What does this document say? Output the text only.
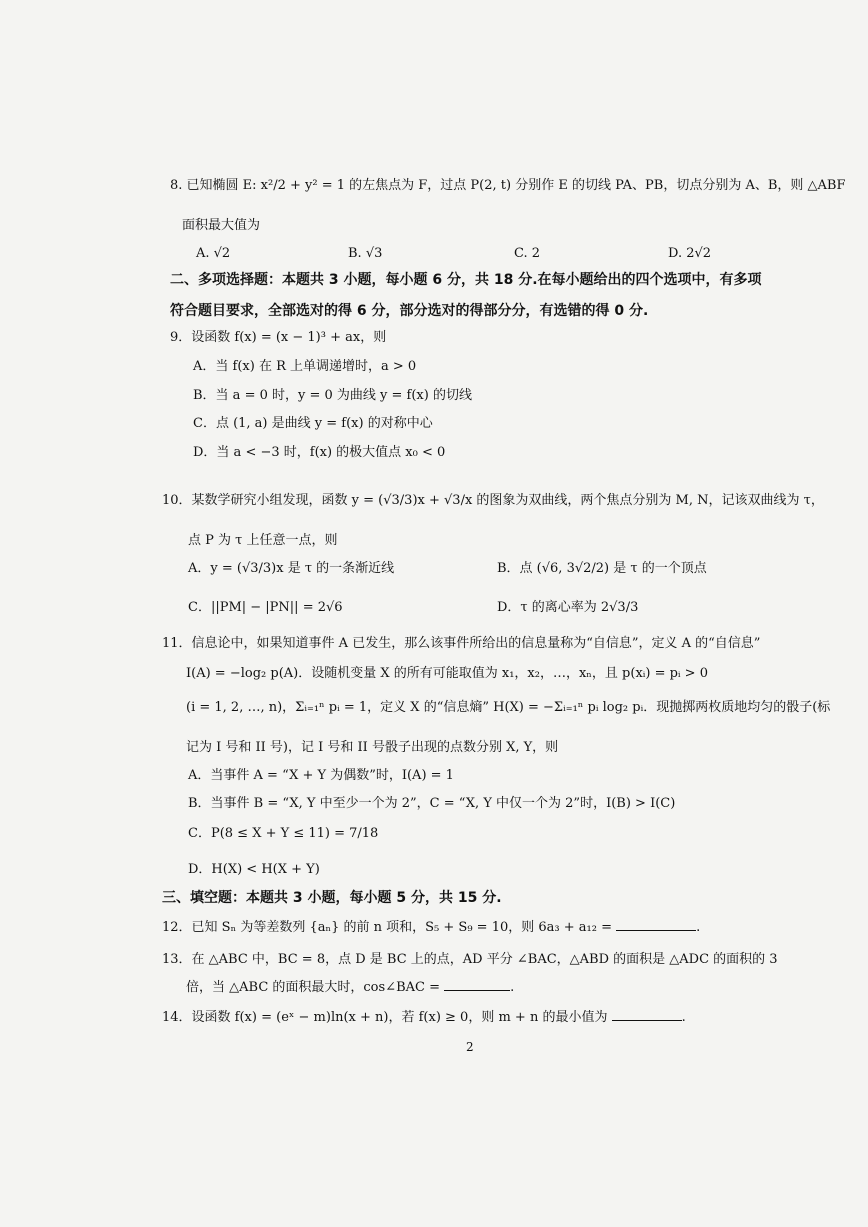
8. 已知椭圆 E: x²/2 + y² = 1 的左焦点为 F，过点 P(2, t) 分别作 E 的切线 PA、PB，切点分别为 A、B，则 △ABF
面积最大值为
A. √2	B. √3	C. 2	D. 2√2
二、多项选择题：本题共 3 小题，每小题 6 分，共 18 分.在每小题给出的四个选项中，有多项
符合题目要求，全部选对的得 6 分，部分选对的得部分分，有选错的得 0 分.
9．设函数 f(x) = (x − 1)³ + ax，则
A．当 f(x) 在 R 上单调递增时，a > 0
B．当 a = 0 时，y = 0 为曲线 y = f(x) 的切线
C．点 (1, a) 是曲线 y = f(x) 的对称中心
D．当 a < −3 时，f(x) 的极大值点 x₀ < 0
10．某数学研究小组发现，函数 y = (√3/3)x + √3/x 的图象为双曲线，两个焦点分别为 M, N，记该双曲线为 τ，
点 P 为 τ 上任意一点，则
A．y = (√3/3)x 是 τ 的一条渐近线	B．点 (√6, 3√2/2) 是 τ 的一个顶点
C．||PM| − |PN|| = 2√6	D．τ 的离心率为 2√3/3
11．信息论中，如果知道事件 A 已发生，那么该事件所给出的信息量称为“自信息”，定义 A 的“自信息”
I(A) = −log₂ p(A)．设随机变量 X 的所有可能取值为 x₁，x₂，…，xₙ，且 p(xᵢ) = pᵢ > 0
(i = 1, 2, …, n)，Σᵢ₌₁ⁿ pᵢ = 1，定义 X 的“信息熵” H(X) = −Σᵢ₌₁ⁿ pᵢ log₂ pᵢ．现抛掷两枚质地均匀的骰子(标
记为 I 号和 II 号)，记 I 号和 II 号骰子出现的点数分别 X, Y，则
A．当事件 A = “X + Y 为偶数”时，I(A) = 1
B．当事件 B = “X, Y 中至少一个为 2”，C = “X, Y 中仅一个为 2”时，I(B) > I(C)
C．P(8 ≤ X + Y ≤ 11) = 7/18
D．H(X) < H(X + Y)
三、填空题：本题共 3 小题，每小题 5 分，共 15 分.
12．已知 Sₙ 为等差数列 {aₙ} 的前 n 项和，S₅ + S₉ = 10，则 6a₃ + a₁₂ =	.
13．在 △ABC 中，BC = 8，点 D 是 BC 上的点，AD 平分 ∠BAC，△ABD 的面积是 △ADC 的面积的 3
倍，当 △ABC 的面积最大时，cos∠BAC =	.
14．设函数 f(x) = (eˣ − m)ln(x + n)，若 f(x) ≥ 0，则 m + n 的最小值为	.
2
